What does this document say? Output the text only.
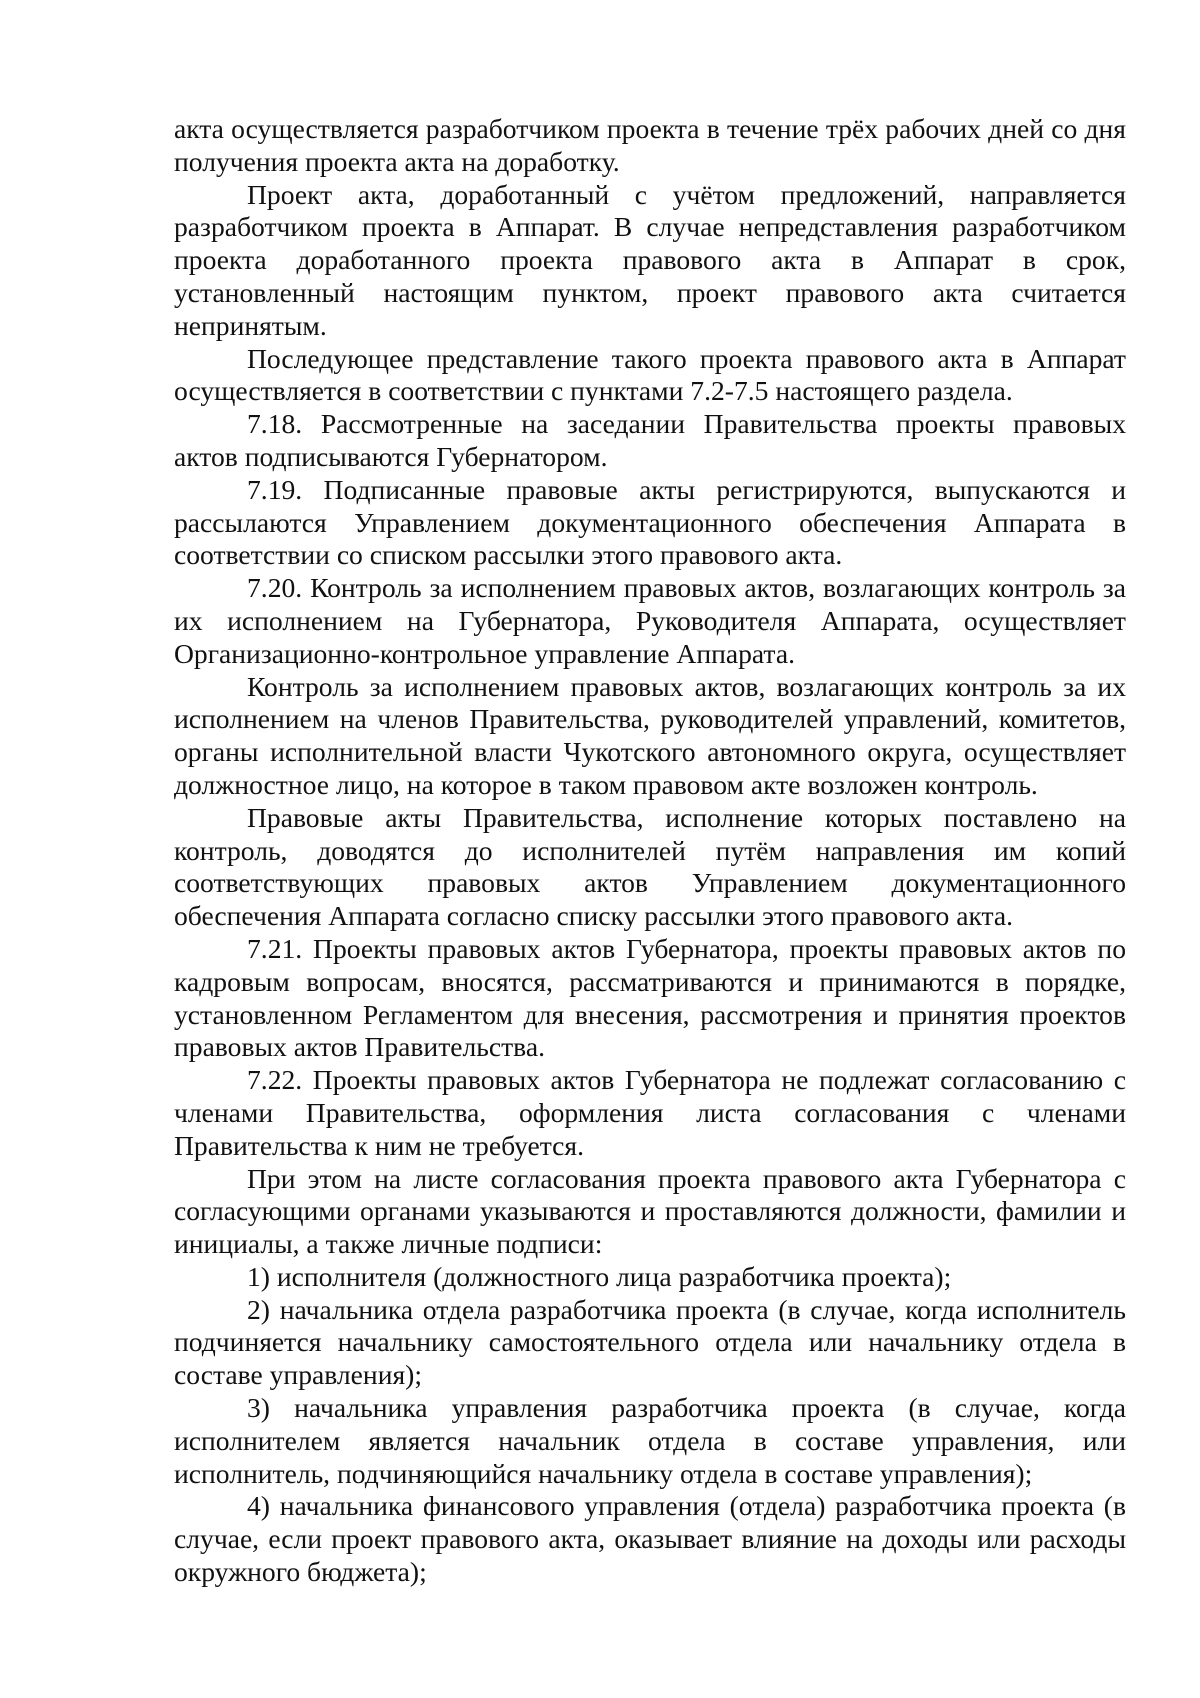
акта осуществляется разработчиком проекта в течение трёх рабочих дней со дня получения проекта акта на доработку.

Проект акта, доработанный с учётом предложений, направляется разработчиком проекта в Аппарат. В случае непредставления разработчиком проекта доработанного проекта правового акта в Аппарат в срок, установленный настоящим пунктом, проект правового акта считается непринятым.

Последующее представление такого проекта правового акта в Аппарат осуществляется в соответствии с пунктами 7.2-7.5 настоящего раздела.

7.18. Рассмотренные на заседании Правительства проекты правовых актов подписываются Губернатором.

7.19. Подписанные правовые акты регистрируются, выпускаются и рассылаются Управлением документационного обеспечения Аппарата в соответствии со списком рассылки этого правового акта.

7.20. Контроль за исполнением правовых актов, возлагающих контроль за их исполнением на Губернатора, Руководителя Аппарата, осуществляет Организационно-контрольное управление Аппарата.

Контроль за исполнением правовых актов, возлагающих контроль за их исполнением на членов Правительства, руководителей управлений, комитетов, органы исполнительной власти Чукотского автономного округа, осуществляет должностное лицо, на которое в таком правовом акте возложен контроль.

Правовые акты Правительства, исполнение которых поставлено на контроль, доводятся до исполнителей путём направления им копий соответствующих правовых актов Управлением документационного обеспечения Аппарата согласно списку рассылки этого правового акта.

7.21. Проекты правовых актов Губернатора, проекты правовых актов по кадровым вопросам, вносятся, рассматриваются и принимаются в порядке, установленном Регламентом для внесения, рассмотрения и принятия проектов правовых актов Правительства.

7.22. Проекты правовых актов Губернатора не подлежат согласованию с членами Правительства, оформления листа согласования с членами Правительства к ним не требуется.

При этом на листе согласования проекта правового акта Губернатора с согласующими органами указываются и проставляются должности, фамилии и инициалы, а также личные подписи:

1) исполнителя (должностного лица разработчика проекта);

2) начальника отдела разработчика проекта (в случае, когда исполнитель подчиняется начальнику самостоятельного отдела или начальнику отдела в составе управления);

3) начальника управления разработчика проекта (в случае, когда исполнителем является начальник отдела в составе управления, или исполнитель, подчиняющийся начальнику отдела в составе управления);

4) начальника финансового управления (отдела) разработчика проекта (в случае, если проект правового акта, оказывает влияние на доходы или расходы окружного бюджета);
